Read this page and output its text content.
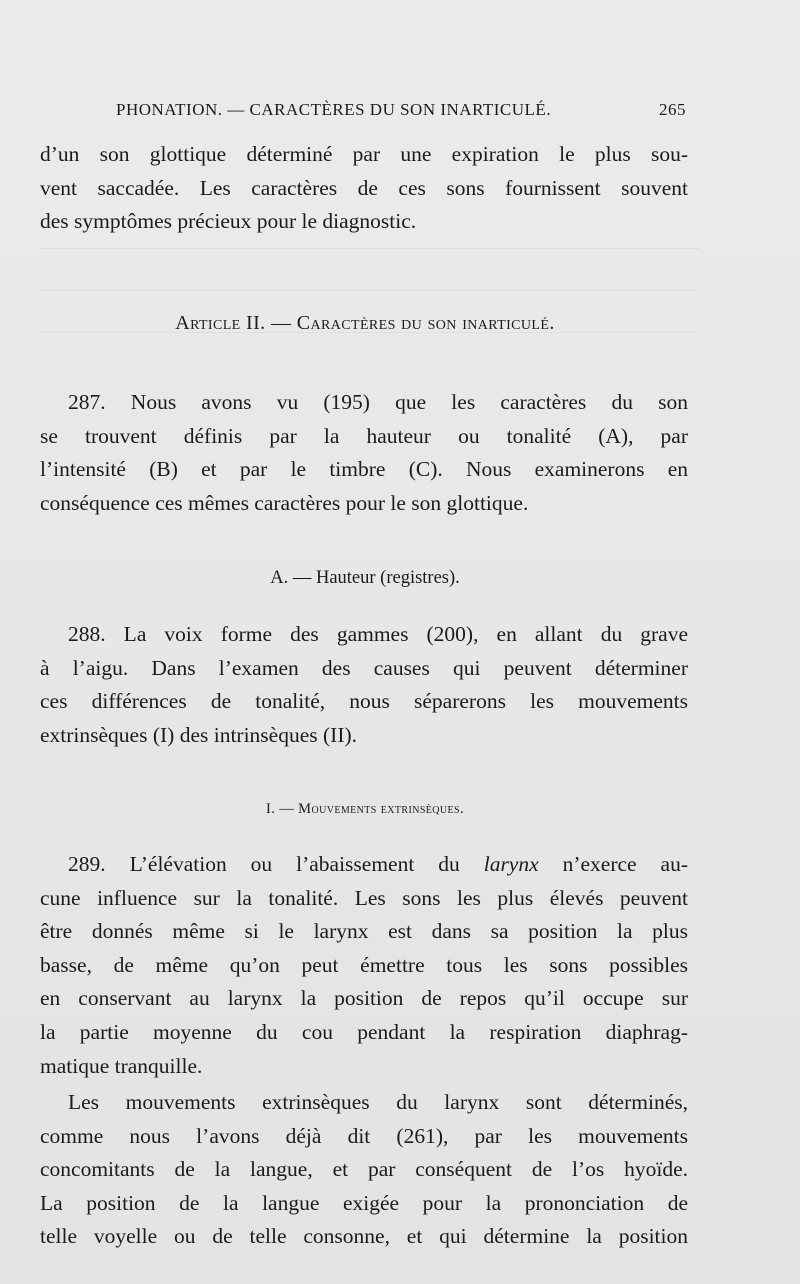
PHONATION. — CARACTÈRES DU SON INARTICULÉ.	265
d’un son glottique déterminé par une expiration le plus sou-
vent saccadée. Les caractères de ces sons fournissent souvent
des symptômes précieux pour le diagnostic.
Article II. — Caractères du son inarticulé.
287. Nous avons vu (195) que les caractères du son
se trouvent définis par la hauteur ou tonalité (A), par
l’intensité (B) et par le timbre (C). Nous examinerons en
conséquence ces mêmes caractères pour le son glottique.
A. — Hauteur (registres).
288. La voix forme des gammes (200), en allant du grave
à l’aigu. Dans l’examen des causes qui peuvent déterminer
ces différences de tonalité, nous séparerons les mouvements
extrinsèques (I) des intrinsèques (II).
I. — Mouvements extrinsèques.
289. L’élévation ou l’abaissement du larynx n’exerce au-
cune influence sur la tonalité. Les sons les plus élevés peuvent
être donnés même si le larynx est dans sa position la plus
basse, de même qu’on peut émettre tous les sons possibles
en conservant au larynx la position de repos qu’il occupe sur
la partie moyenne du cou pendant la respiration diaphrag-
matique tranquille.
Les mouvements extrinsèques du larynx sont déterminés,
comme nous l’avons déjà dit (261), par les mouvements
concomitants de la langue, et par conséquent de l’os hyoïde.
La position de la langue exigée pour la prononciation de
telle voyelle ou de telle consonne, et qui détermine la position
